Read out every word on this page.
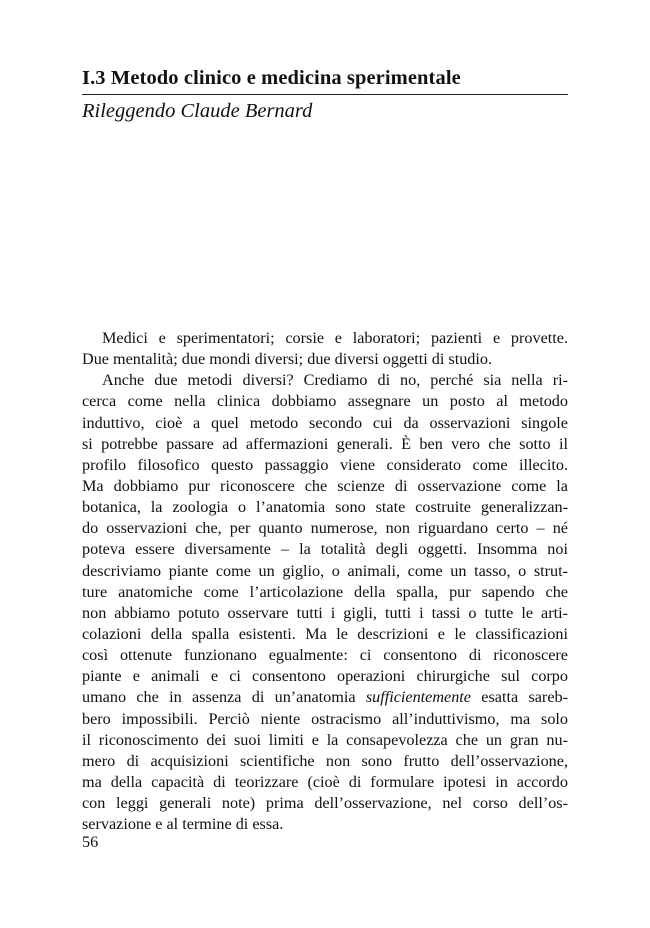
I.3 Metodo clinico e medicina sperimentale
Rileggendo Claude Bernard
Medici e sperimentatori; corsie e laboratori; pazienti e provette.
Due mentalità; due mondi diversi; due diversi oggetti di studio.
Anche due metodi diversi? Crediamo di no, perché sia nella ri-
cerca come nella clinica dobbiamo assegnare un posto al metodo
induttivo, cioè a quel metodo secondo cui da osservazioni singole
si potrebbe passare ad affermazioni generali. È ben vero che sotto il
profilo filosofico questo passaggio viene considerato come illecito.
Ma dobbiamo pur riconoscere che scienze di osservazione come la
botanica, la zoologia o l’anatomia sono state costruite generalizzan-
do osservazioni che, per quanto numerose, non riguardano certo – né
poteva essere diversamente – la totalità degli oggetti. Insomma noi
descriviamo piante come un giglio, o animali, come un tasso, o strut-
ture anatomiche come l’articolazione della spalla, pur sapendo che
non abbiamo potuto osservare tutti i gigli, tutti i tassi o tutte le arti-
colazioni della spalla esistenti. Ma le descrizioni e le classificazioni
così ottenute funzionano egualmente: ci consentono di riconoscere
piante e animali e ci consentono operazioni chirurgiche sul corpo
umano che in assenza di un’anatomia sufficientemente esatta sareb-
bero impossibili. Perciò niente ostracismo all’induttivismo, ma solo
il riconoscimento dei suoi limiti e la consapevolezza che un gran nu-
mero di acquisizioni scientifiche non sono frutto dell’osservazione,
ma della capacità di teorizzare (cioè di formulare ipotesi in accordo
con leggi generali note) prima dell’osservazione, nel corso dell’os-
servazione e al termine di essa.

56
